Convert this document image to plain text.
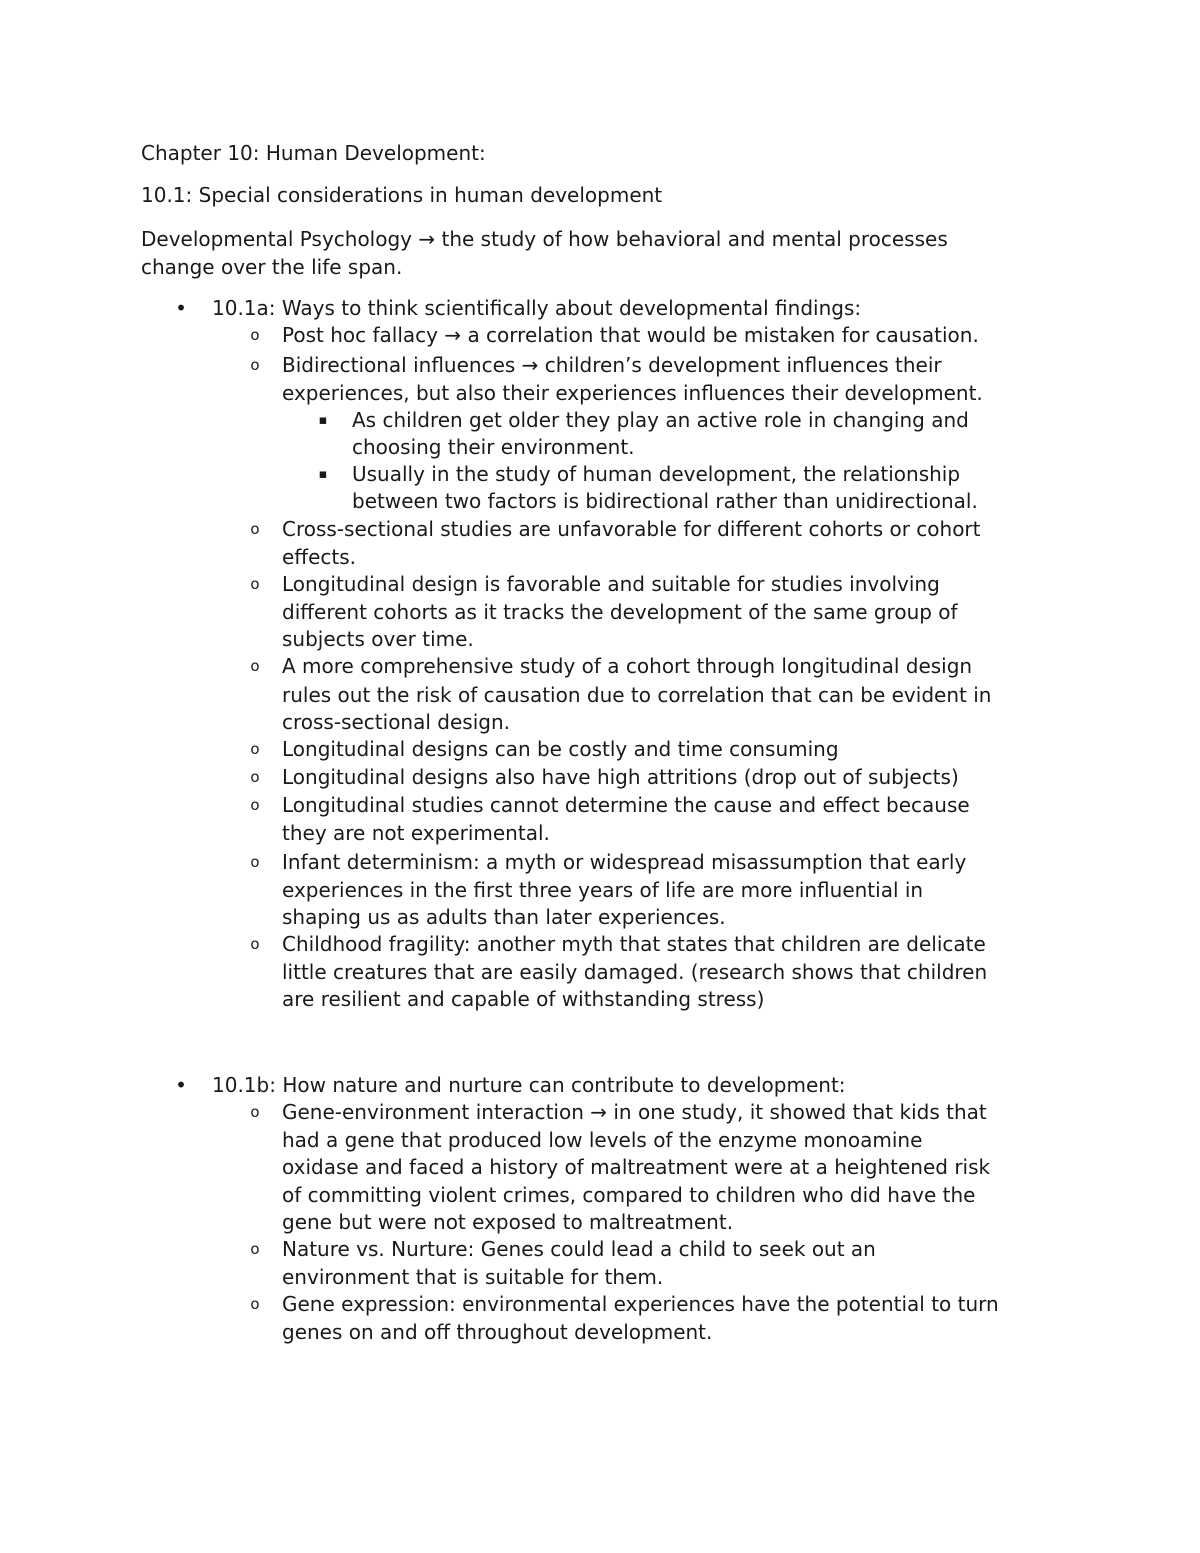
Chapter 10: Human Development:

10.1: Special considerations in human development

Developmental Psychology → the study of how behavioral and mental processes

change over the life span.

• 10.1a: Ways to think scientifically about developmental findings:

o Post hoc fallacy → a correlation that would be mistaken for causation.

o Bidirectional influences → children’s development influences their

experiences, but also their experiences influences their development.

▪ As children get older they play an active role in changing and

choosing their environment.

▪ Usually in the study of human development, the relationship

between two factors is bidirectional rather than unidirectional.

o Cross-sectional studies are unfavorable for different cohorts or cohort

effects.

o Longitudinal design is favorable and suitable for studies involving

different cohorts as it tracks the development of the same group of

subjects over time.

o A more comprehensive study of a cohort through longitudinal design

rules out the risk of causation due to correlation that can be evident in

cross-sectional design.

o Longitudinal designs can be costly and time consuming

o Longitudinal designs also have high attritions (drop out of subjects)

o Longitudinal studies cannot determine the cause and effect because

they are not experimental.

o Infant determinism: a myth or widespread misassumption that early

experiences in the first three years of life are more influential in

shaping us as adults than later experiences.

o Childhood fragility: another myth that states that children are delicate

little creatures that are easily damaged. (research shows that children

are resilient and capable of withstanding stress)

• 10.1b: How nature and nurture can contribute to development:

o Gene-environment interaction → in one study, it showed that kids that

had a gene that produced low levels of the enzyme monoamine

oxidase and faced a history of maltreatment were at a heightened risk

of committing violent crimes, compared to children who did have the

gene but were not exposed to maltreatment.

o Nature vs. Nurture: Genes could lead a child to seek out an

environment that is suitable for them.

o Gene expression: environmental experiences have the potential to turn

genes on and off throughout development.
